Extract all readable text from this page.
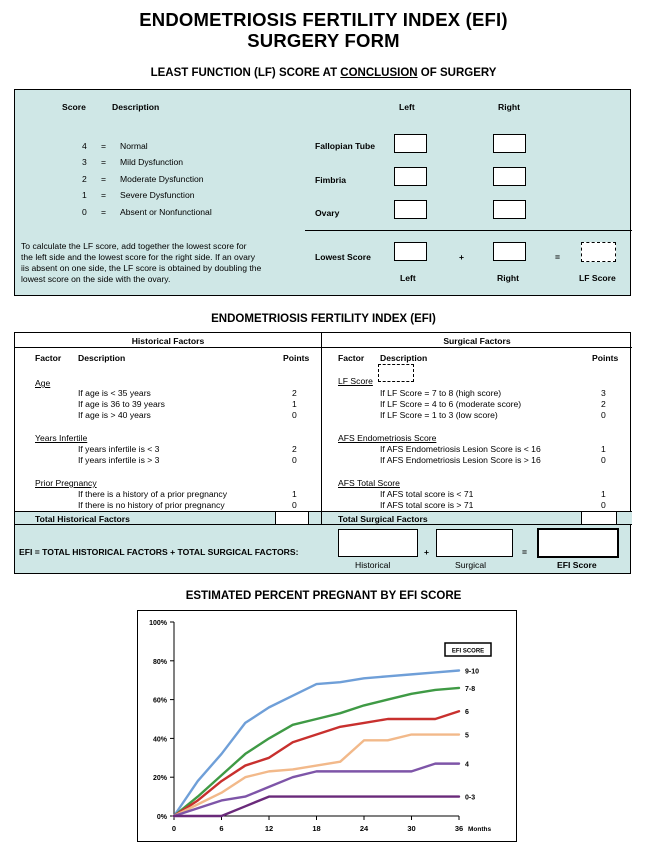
ENDOMETRIOSIS FERTILITY INDEX (EFI)
SURGERY FORM
LEAST FUNCTION (LF) SCORE AT CONCLUSION OF SURGERY
Score	Description	Left	Right
4 = Normal
3 = Mild Dysfunction
2 = Moderate Dysfunction
1 = Severe Dysfunction
0 = Absent or Nonfunctional
Fallopian Tube
Fimbria
Ovary
To calculate the LF score, add together the lowest score for
the left side and the lowest score for the right side. If an ovary
iis absent on one side, the LF score is obtained by doubling the
lowest score on the side with the ovary.
Lowest Score	+	=
Left	Right	LF Score
ENDOMETRIOSIS FERTILITY INDEX (EFI)
Historical Factors	Surgical Factors
Factor Description	Points	Factor Description	Points
Age
If age is < 35 years	2
If age is 36 to 39 years	1
If age is > 40 years	0
Years Infertile
If years infertile is < 3	2
If years infertile is > 3	0
Prior Pregnancy
If there is a history of a prior pregnancy	1
If there is no history of prior pregnancy	0
LF Score
If LF Score = 7 to 8 (high score)	3
If LF Score = 4 to 6 (moderate score)	2
If LF Score = 1 to 3 (low score)	0
AFS Endometriosis Score
If AFS Endometriosis Lesion Score is < 16	1
If AFS Endometriosis Lesion Score is > 16	0
AFS Total Score
If AFS total score is < 71	1
If AFS total score is > 71	0
Total Historical Factors	Total Surgical Factors
EFI = TOTAL HISTORICAL FACTORS + TOTAL SURGICAL FACTORS:	+	=
Historical	Surgical	EFI Score
ESTIMATED PERCENT PREGNANT BY EFI SCORE
0%
20%
40%
60%
80%
100%
0	6	12	18	24	30	36 Months
9-10
7-8
6
5
4
0-3
EFI SCORE
